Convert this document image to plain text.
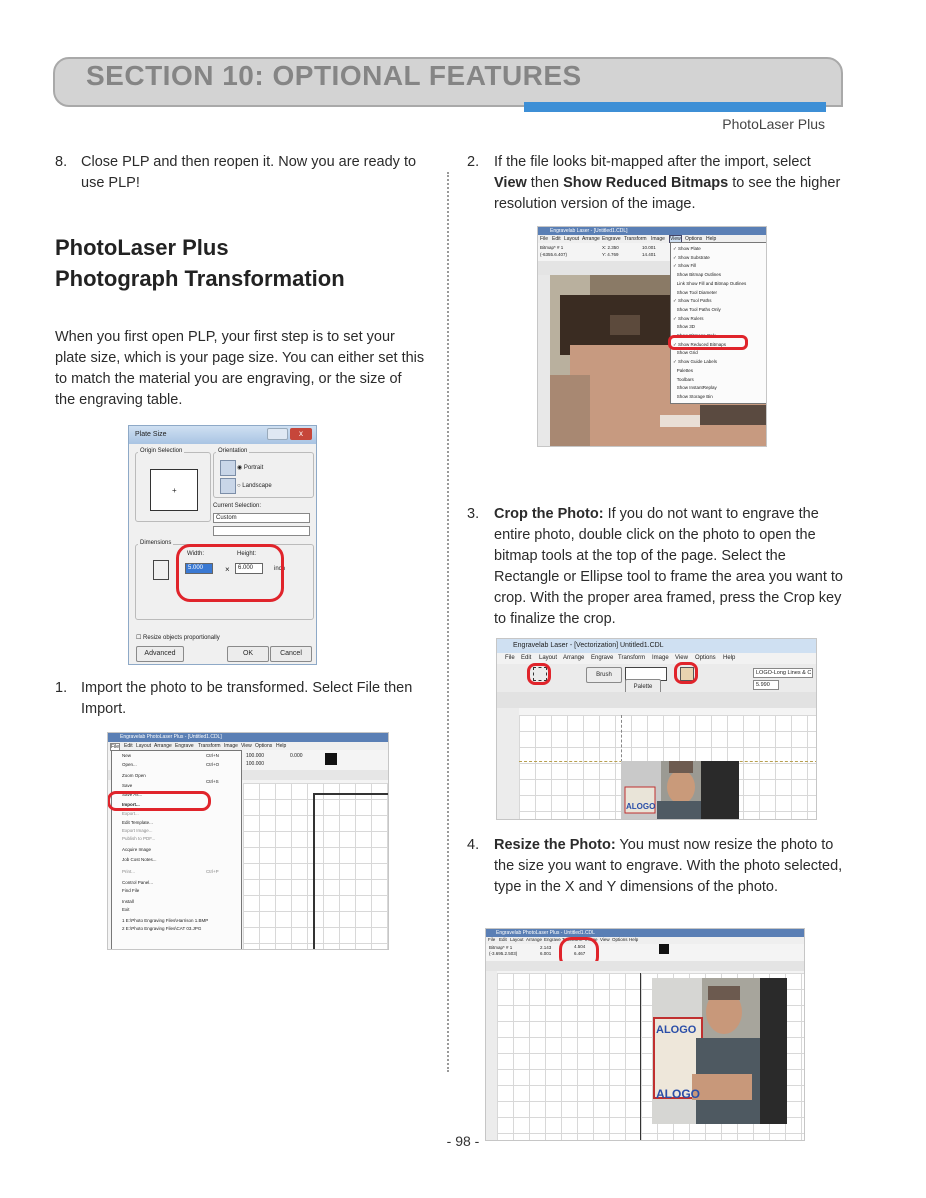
SECTION 10: OPTIONAL FEATURES
PhotoLaser Plus
8. Close PLP and then reopen it. Now you are ready to use PLP!
PhotoLaser Plus Photograph Transformation
When you first open PLP, your first step is to set your plate size, which is your page size. You can either set this to match the material you are engraving, or the size of the engraving table.
Plate Size	x
+
Origin Selection	Orientation
◉ Portrait
○ Landscape
Current Selection:
Custom
Dimensions
Width:
5.000	×
Height:
6.000	inch
☐ Resize objects proportionally
Advanced	OK	Cancel
1. Import the photo to be transformed. Select File then Import.
Engravelab PhotoLaser Plus - [Untitled1.CDL]
File Edit Layout Arrange Engrave Transform Image View Options Help
100.000
100.000
0.000
New	Ctrl+N
Open...	Ctrl+O
Zoom Open
Save
Ctrl+S
Save As...
Import...
Export...
Edit Template...
Export Image...
Publish to PDF...
Acquire Image
Job Cost Notes...
Print...	Ctrl+P
Control Panel...
Find File
Install
Exit
1 E:\Photo Engraving Files\Harrison 1.BMP
2 E:\Photo Engraving Files\CAT 03.JPG
2. If the file looks bit-mapped after the import, select View then Show Reduced Bitmaps to see the higher resolution version of the image.
Engravelab Laser - [Untitled1.CDL]
File Edit Layout Arrange Engrave Transform Image View Options Help
Bitmap* # 1
(-6355.6.407)
X: 2.350
Y: 4.769
10.001
14.401
✓ Show Plate
✓ Show Substrate
✓ Show Fill
Show Bitmap Outlines
Link Show Fill and Bitmap Outlines
Show Tool Diameter
✓ Show Tool Paths
Show Tool Paths Only
✓ Show Rulers
Show 3D
Show Bitmaps Only
✓ Show Reduced Bitmaps
Show Grid
✓ Show Guide Labels
Palettes
Toolbars
Show InstantReplay
Show Storage Bin
3. Crop the Photo: If you do not want to engrave the entire photo, double click on the photo to open the bitmap tools at the top of the page. Select the Rectangle or Ellipse tool to frame the area you want to crop. With the proper area framed, press the Crop key to finalize the crop.
Engravelab Laser - [Vectorization] Untitled1.CDL
File Edit Layout Arrange Engrave Transform Image View Options Help
Brush
Palette
LOGO-Long Lines & C
5.990
ALOGO
4. Resize the Photo: You must now resize the photo to the size you want to engrave. With the photo selected, type in the X and Y dimensions of the photo.
Engravelab PhotoLaser Plus - Untitled1.CDL
File Edit Layout Arrange Engrave Transform Image View Options Help
Bitmap* # 1
(-3.695.2.503)
2.143
6.001
4.504
6.467
ALOGO
ALOGO
- 98 -
